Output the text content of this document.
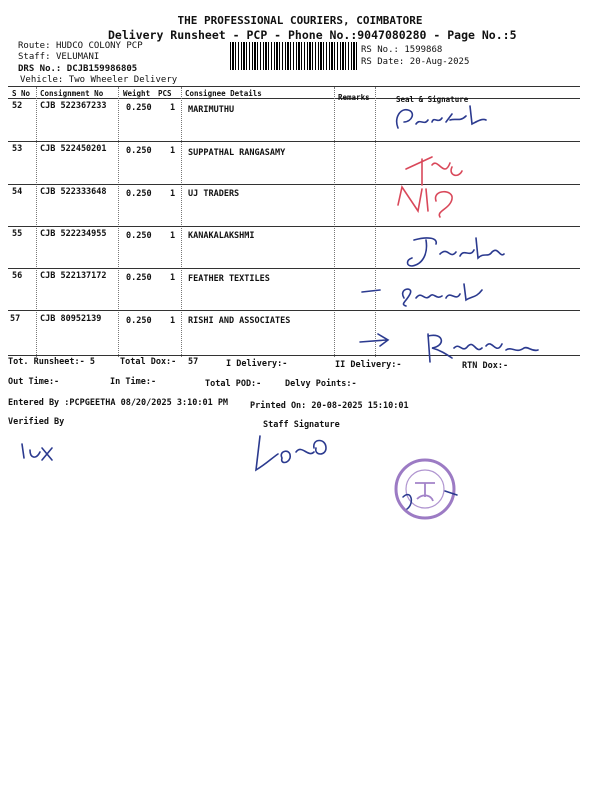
THE PROFESSIONAL COURIERS, COIMBATORE
Delivery Runsheet - PCP - Phone No.:9047080280 - Page No.:5
Route: HUDCO COLONY PCP
Staff: VELUMANI
DRS No.: DCJB159986805
Vehicle: Two Wheeler Delivery
RS No.: 1599868
RS Date: 20-Aug-2025
S No Consignment No	Weight PCS Consignee Details	Remarks	Seal & Signature
52 CJB 522367233 0.250 1 MARIMUTHU
53 CJB 522450201 0.250 1 SUPPATHAL RANGASAMY
54 CJB 522333648 0.250 1 UJ TRADERS
55 CJB 522234955 0.250 1 KANAKALAKSHMI
56 CJB 522137172 0.250 1 FEATHER TEXTILES
57 CJB 80952139	0.250 1 RISHI AND ASSOCIATES
Tot. Runsheet:- 5	Total Dox:- 57	I Delivery:-	II Delivery:-	RTN Dox:-
Out Time:-	In Time:-	Total POD:-	Delvy Points:-
Entered By :PCPGEETHA 08/20/2025 3:10:01 PM	Printed On: 20-08-2025 15:10:01
Verified By	Staff Signature
